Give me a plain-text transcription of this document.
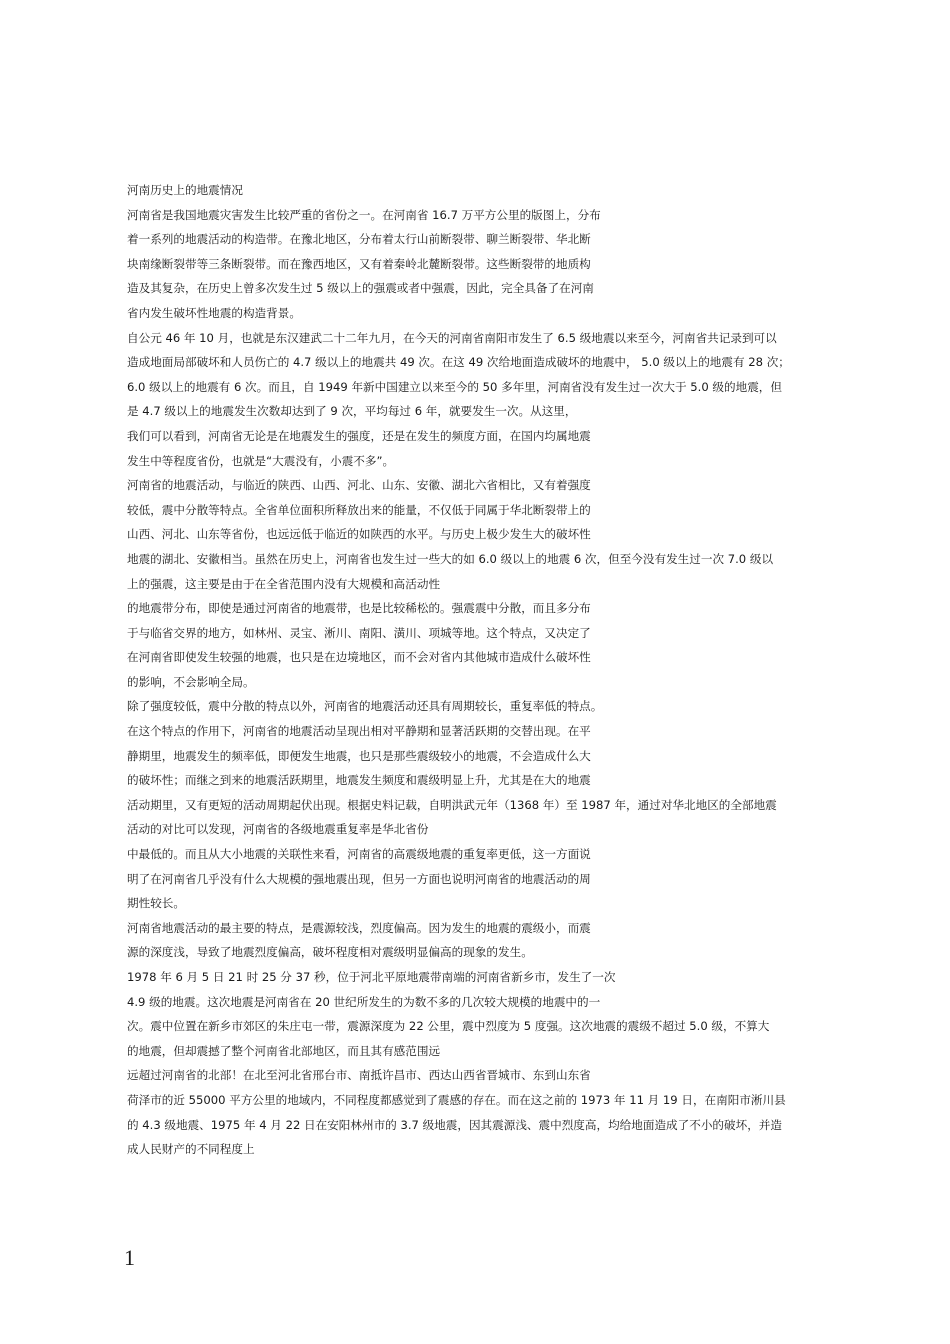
河南历史上的地震情况
河南省是我国地震灾害发生比较严重的省份之一。在河南省 16.7 万平方公里的版图上，分布
着一系列的地震活动的构造带。在豫北地区，分布着太行山前断裂带、聊兰断裂带、华北断
块南缘断裂带等三条断裂带。而在豫西地区，又有着秦岭北麓断裂带。这些断裂带的地质构
造及其复杂，在历史上曾多次发生过 5 级以上的强震或者中强震，因此，完全具备了在河南
省内发生破坏性地震的构造背景。
自公元 46 年 10 月，也就是东汉建武二十二年九月，在今天的河南省南阳市发生了 6.5 级地震以来至今，河南省共记录到可以
造成地面局部破坏和人员伤亡的 4.7 级以上的地震共 49 次。在这 49 次给地面造成破坏的地震中， 5.0 级以上的地震有 28 次；
6.0 级以上的地震有 6 次。而且，自 1949 年新中国建立以来至今的 50 多年里，河南省没有发生过一次大于 5.0 级的地震，但
是 4.7 级以上的地震发生次数却达到了 9 次，平均每过 6 年，就要发生一次。从这里，
我们可以看到，河南省无论是在地震发生的强度，还是在发生的频度方面，在国内均属地震
发生中等程度省份，也就是“大震没有，小震不多”。
河南省的地震活动，与临近的陕西、山西、河北、山东、安徽、湖北六省相比，又有着强度
较低，震中分散等特点。全省单位面积所释放出来的能量，不仅低于同属于华北断裂带上的
山西、河北、山东等省份，也远远低于临近的如陕西的水平。与历史上极少发生大的破坏性
地震的湖北、安徽相当。虽然在历史上，河南省也发生过一些大的如 6.0 级以上的地震 6 次，但至今没有发生过一次 7.0 级以
上的强震，这主要是由于在全省范围内没有大规模和高活动性
的地震带分布，即使是通过河南省的地震带，也是比较稀松的。强震震中分散，而且多分布
于与临省交界的地方，如林州、灵宝、淅川、南阳、潢川、项城等地。这个特点，又决定了
在河南省即使发生较强的地震，也只是在边境地区，而不会对省内其他城市造成什么破坏性
的影响，不会影响全局。
除了强度较低，震中分散的特点以外，河南省的地震活动还具有周期较长，重复率低的特点。
在这个特点的作用下，河南省的地震活动呈现出相对平静期和显著活跃期的交替出现。在平
静期里，地震发生的频率低，即便发生地震，也只是那些震级较小的地震，不会造成什么大
的破坏性；而继之到来的地震活跃期里，地震发生频度和震级明显上升，尤其是在大的地震
活动期里，又有更短的活动周期起伏出现。根据史料记载，自明洪武元年（1368 年）至 1987 年，通过对华北地区的全部地震
活动的对比可以发现，河南省的各级地震重复率是华北省份
中最低的。而且从大小地震的关联性来看，河南省的高震级地震的重复率更低，这一方面说
明了在河南省几乎没有什么大规模的强地震出现，但另一方面也说明河南省的地震活动的周
期性较长。
河南省地震活动的最主要的特点，是震源较浅，烈度偏高。因为发生的地震的震级小，而震
源的深度浅，导致了地震烈度偏高，破坏程度相对震级明显偏高的现象的发生。
1978 年 6 月 5 日 21 时 25 分 37 秒，位于河北平原地震带南端的河南省新乡市，发生了一次
4.9 级的地震。这次地震是河南省在 20 世纪所发生的为数不多的几次较大规模的地震中的一
次。震中位置在新乡市郊区的朱庄屯一带，震源深度为 22 公里，震中烈度为 5 度强。这次地震的震级不超过 5.0 级，不算大
的地震，但却震撼了整个河南省北部地区，而且其有感范围远
远超过河南省的北部！在北至河北省邢台市、南抵许昌市、西达山西省晋城市、东到山东省
荷泽市的近 55000 平方公里的地域内，不同程度都感觉到了震感的存在。而在这之前的 1973 年 11 月 19 日，在南阳市淅川县
的 4.3 级地震、1975 年 4 月 22 日在安阳林州市的 3.7 级地震，因其震源浅、震中烈度高，均给地面造成了不小的破坏，并造
成人民财产的不同程度上
1
